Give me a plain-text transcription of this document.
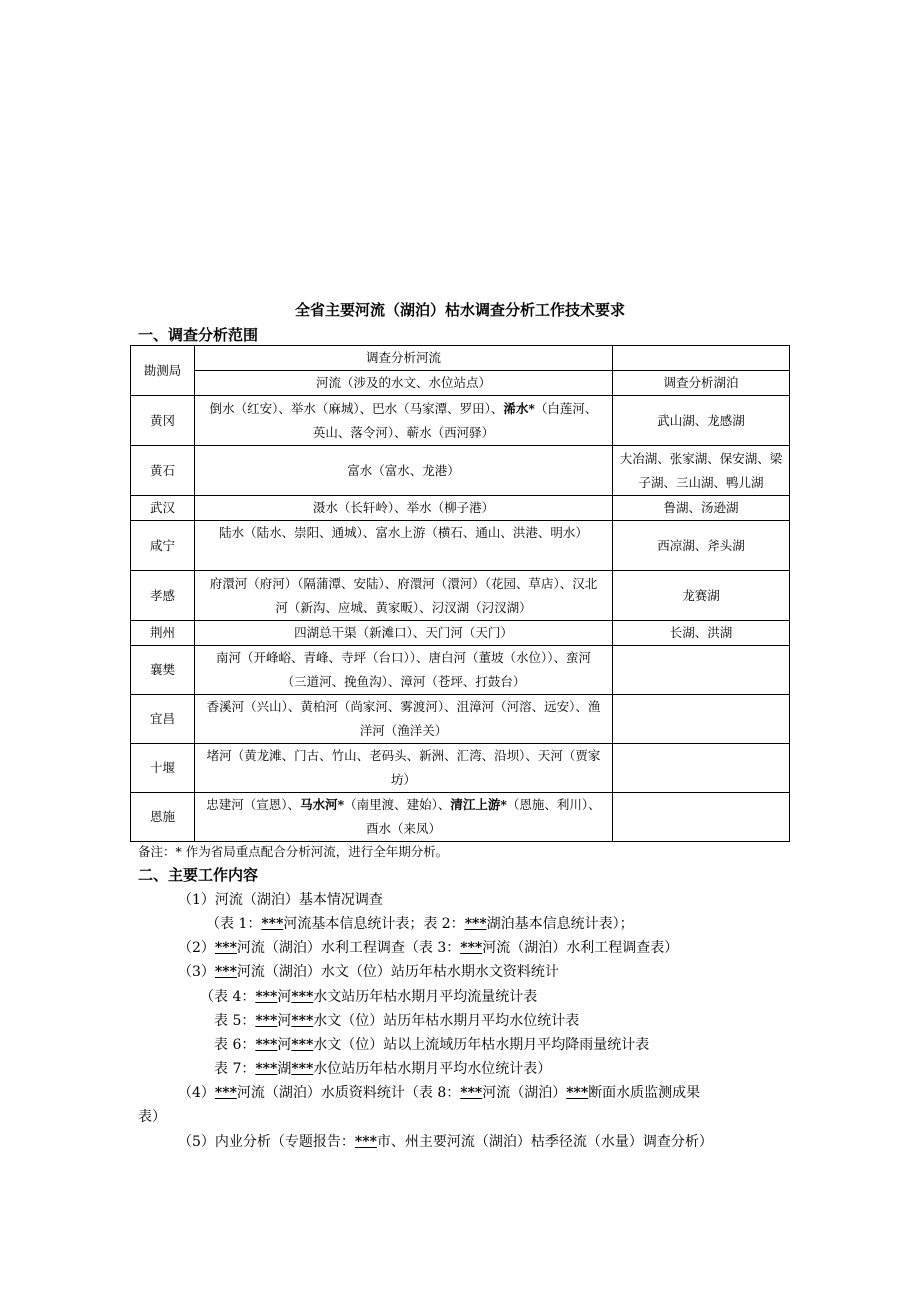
全省主要河流（湖泊）枯水调查分析工作技术要求
一、调查分析范围
勘测局	调查分析河流	
	河流（涉及的水文、水位站点）	调查分析湖泊
黄冈	倒水（红安）、举水（麻城）、巴水（马家潭、罗田）、浠水*（白莲河、英山、落令河）、蕲水（西河驿）	武山湖、龙感湖
黄石	富水（富水、龙港）	大冶湖、张家湖、保安湖、梁子湖、三山湖、鸭儿湖
武汉	滠水（长轩岭）、举水（柳子港）	鲁湖、汤逊湖
咸宁	陆水（陆水、崇阳、通城）、富水上游（横石、通山、洪港、明水）	西凉湖、斧头湖
孝感	府澴河（府河）（隔蒲潭、安陆）、府澴河（澴河）（花园、草店）、汉北河（新沟、应城、黄家畈）、汈汊湖（汈汊湖）	龙赛湖
荆州	四湖总干渠（新滩口）、天门河（天门）	长湖、洪湖
襄樊	南河（开峰峪、青峰、寺坪（台口））、唐白河（董坡（水位））、蛮河（三道河、挽鱼沟）、漳河（苍坪、打鼓台）	
宜昌	香溪河（兴山）、黄柏河（尚家河、雾渡河）、沮漳河（河溶、远安）、渔洋河（渔洋关）	
十堰	堵河（黄龙滩、门古、竹山、老码头、新洲、汇湾、沿坝）、天河（贾家坊）	
恩施	忠建河（宣恩）、马水河*（南里渡、建始）、清江上游*（恩施、利川）、酉水（来凤）	
备注：* 作为省局重点配合分析河流，进行全年期分析。
二、主要工作内容
（1）河流（湖泊）基本情况调查
（表 1：***河流基本信息统计表；表 2：***湖泊基本信息统计表）；
（2）***河流（湖泊）水利工程调查（表 3：***河流（湖泊）水利工程调查表）
（3）***河流（湖泊）水文（位）站历年枯水期水文资料统计
（表 4：***河***水文站历年枯水期月平均流量统计表
表 5：***河***水文（位）站历年枯水期月平均水位统计表
表 6：***河***水文（位）站以上流域历年枯水期月平均降雨量统计表
表 7：***湖***水位站历年枯水期月平均水位统计表）
（4）***河流（湖泊）水质资料统计（表 8：***河流（湖泊）***断面水质监测成果
表）
（5）内业分析（专题报告：***市、州主要河流（湖泊）枯季径流（水量）调查分析）
